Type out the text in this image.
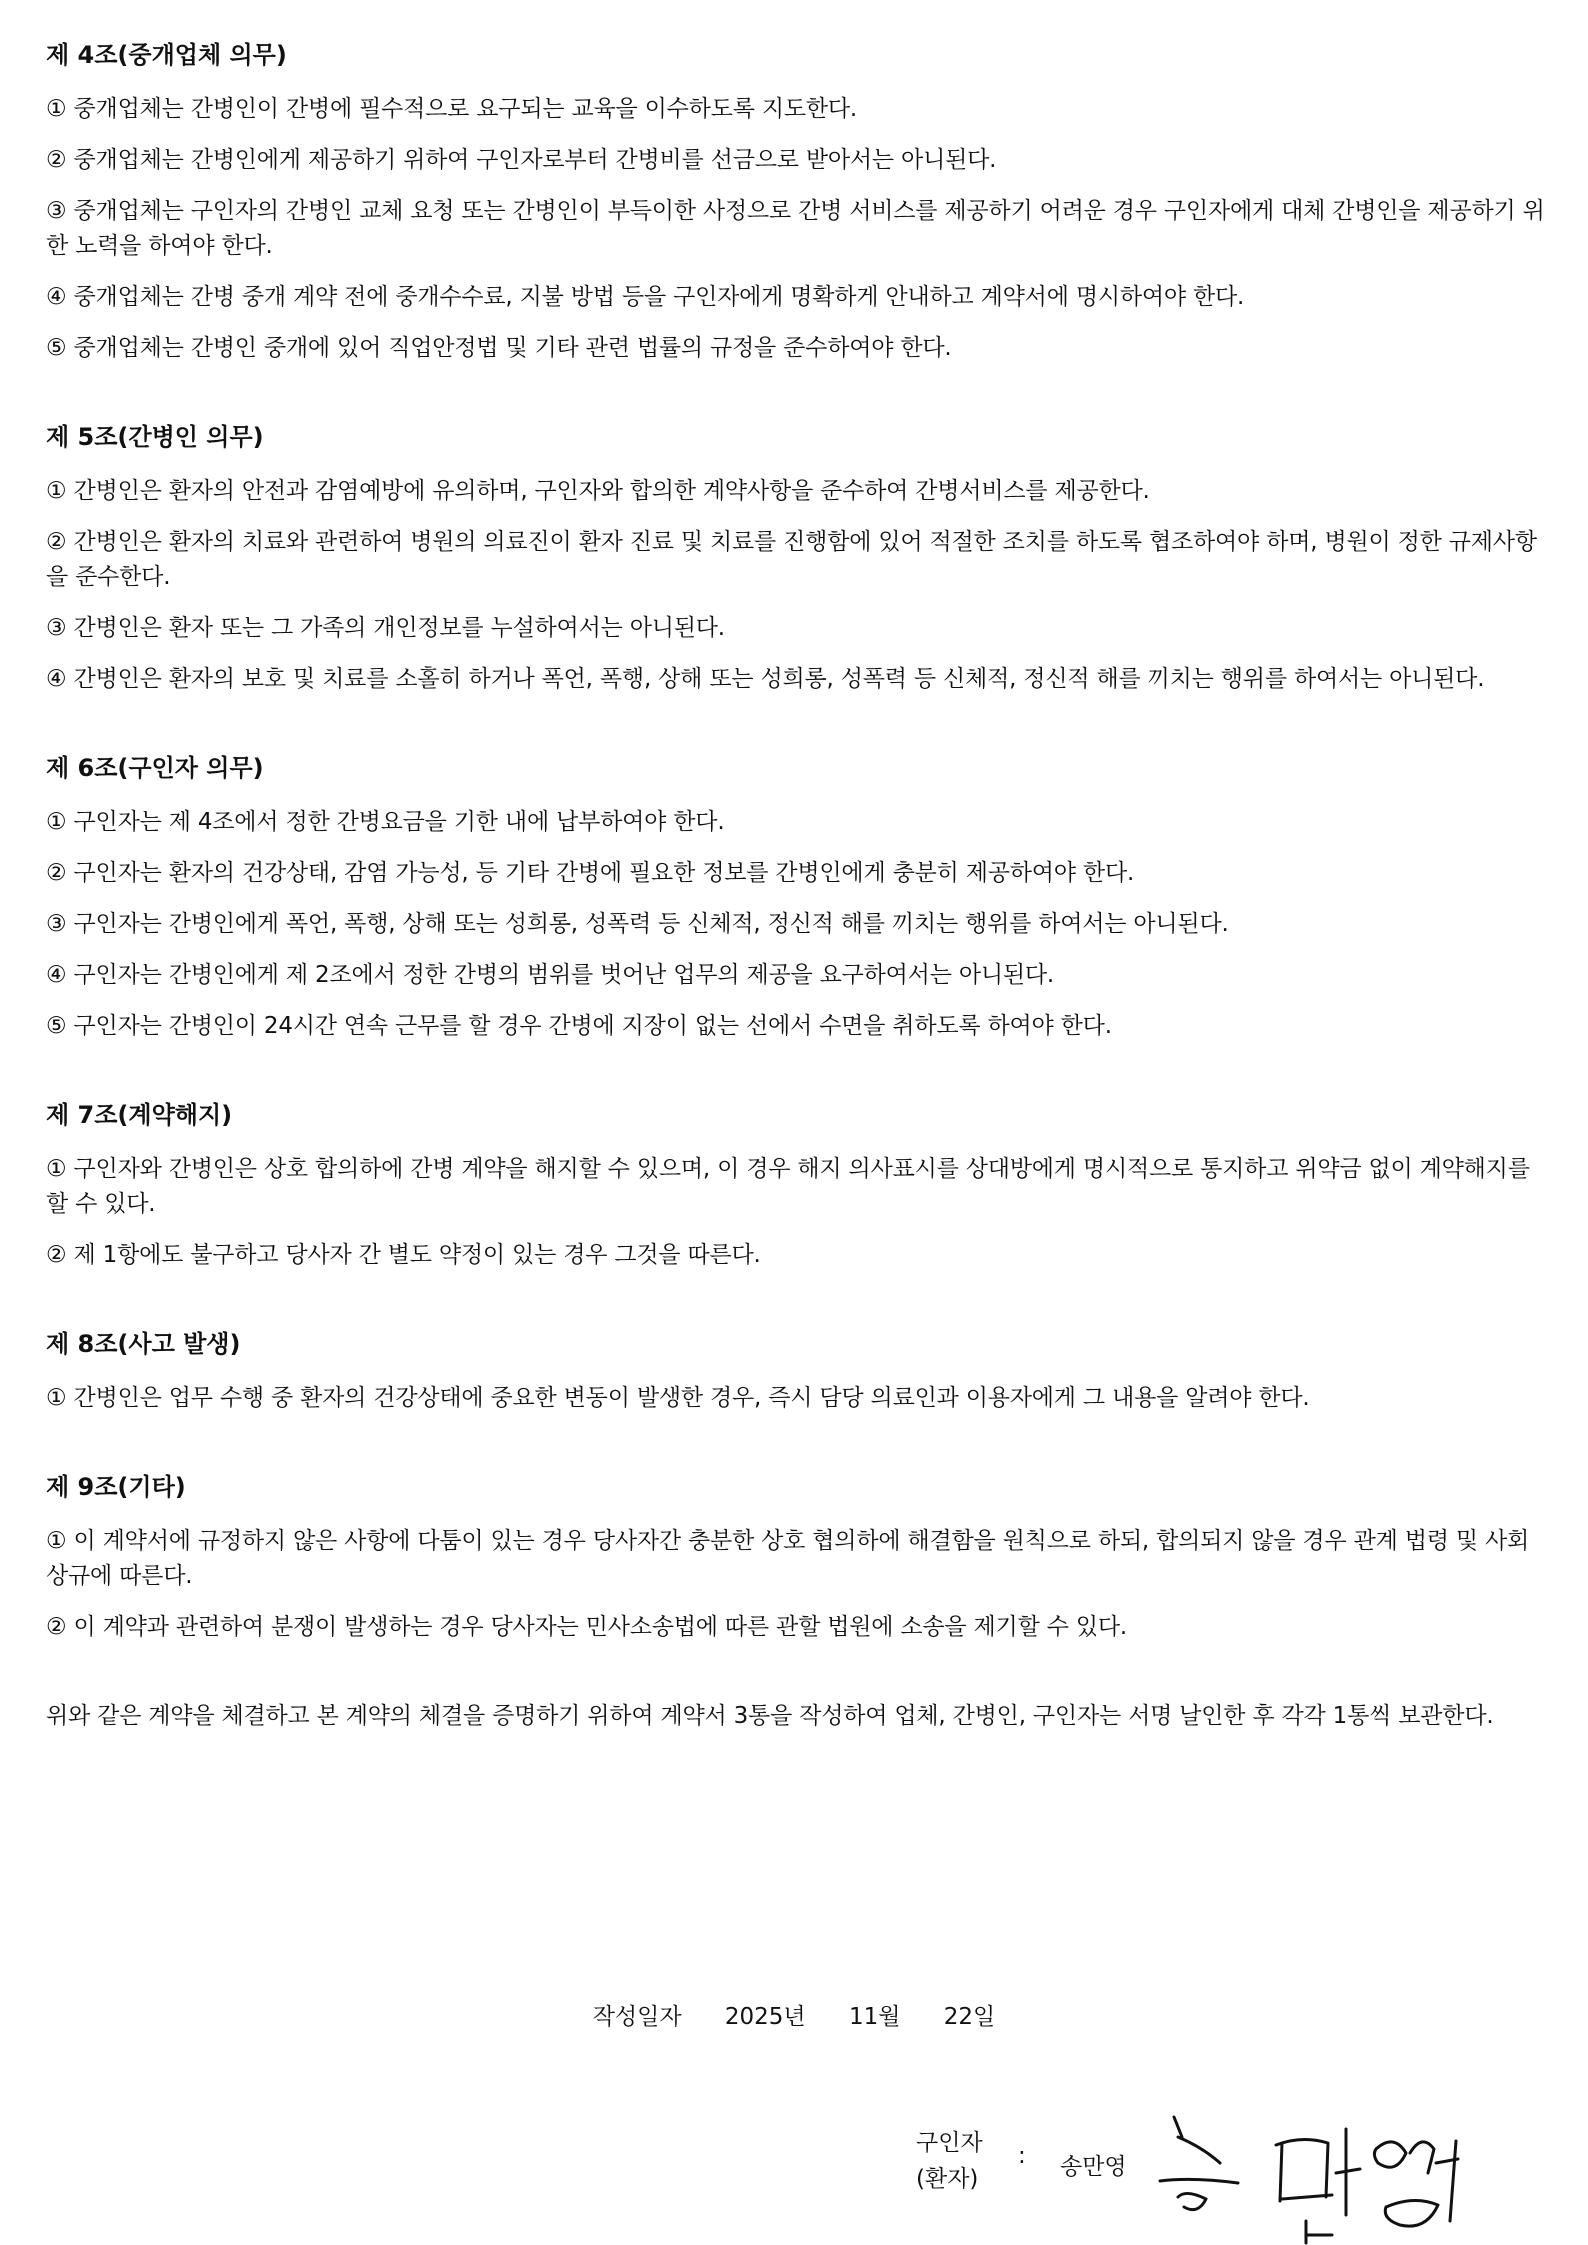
제 4조(중개업체 의무)

① 중개업체는 간병인이 간병에 필수적으로 요구되는 교육을 이수하도록 지도한다.

② 중개업체는 간병인에게 제공하기 위하여 구인자로부터 간병비를 선금으로 받아서는 아니된다.

③ 중개업체는 구인자의 간병인 교체 요청 또는 간병인이 부득이한 사정으로 간병 서비스를 제공하기 어려운 경우 구인자에게 대체 간병인을 제공하기 위한 노력을 하여야 한다.

④ 중개업체는 간병 중개 계약 전에 중개수수료, 지불 방법 등을 구인자에게 명확하게 안내하고 계약서에 명시하여야 한다.

⑤ 중개업체는 간병인 중개에 있어 직업안정법 및 기타 관련 법률의 규정을 준수하여야 한다.

제 5조(간병인 의무)

① 간병인은 환자의 안전과 감염예방에 유의하며, 구인자와 합의한 계약사항을 준수하여 간병서비스를 제공한다.

② 간병인은 환자의 치료와 관련하여 병원의 의료진이 환자 진료 및 치료를 진행함에 있어 적절한 조치를 하도록 협조하여야 하며, 병원이 정한 규제사항을 준수한다.

③ 간병인은 환자 또는 그 가족의 개인정보를 누설하여서는 아니된다.

④ 간병인은 환자의 보호 및 치료를 소홀히 하거나 폭언, 폭행, 상해 또는 성희롱, 성폭력 등 신체적, 정신적 해를 끼치는 행위를 하여서는 아니된다.

제 6조(구인자 의무)

① 구인자는 제 4조에서 정한 간병요금을 기한 내에 납부하여야 한다.

② 구인자는 환자의 건강상태, 감염 가능성, 등 기타 간병에 필요한 정보를 간병인에게 충분히 제공하여야 한다.

③ 구인자는 간병인에게 폭언, 폭행, 상해 또는 성희롱, 성폭력 등 신체적, 정신적 해를 끼치는 행위를 하여서는 아니된다.

④ 구인자는 간병인에게 제 2조에서 정한 간병의 범위를 벗어난 업무의 제공을 요구하여서는 아니된다.

⑤ 구인자는 간병인이 24시간 연속 근무를 할 경우 간병에 지장이 없는 선에서 수면을 취하도록 하여야 한다.

제 7조(계약해지)

① 구인자와 간병인은 상호 합의하에 간병 계약을 해지할 수 있으며, 이 경우 해지 의사표시를 상대방에게 명시적으로 통지하고 위약금 없이 계약해지를 할 수 있다.

② 제 1항에도 불구하고 당사자 간 별도 약정이 있는 경우 그것을 따른다.

제 8조(사고 발생)

① 간병인은 업무 수행 중 환자의 건강상태에 중요한 변동이 발생한 경우, 즉시 담당 의료인과 이용자에게 그 내용을 알려야 한다.

제 9조(기타)

① 이 계약서에 규정하지 않은 사항에 다툼이 있는 경우 당사자간 충분한 상호 협의하에 해결함을 원칙으로 하되, 합의되지 않을 경우 관계 법령 및 사회상규에 따른다.

② 이 계약과 관련하여 분쟁이 발생하는 경우 당사자는 민사소송법에 따른 관할 법원에 소송을 제기할 수 있다.

위와 같은 계약을 체결하고 본 계약의 체결을 증명하기 위하여 계약서 3통을 작성하여 업체, 간병인, 구인자는 서명 날인한 후 각각 1통씩 보관한다.

작성일자 2025년 11월 22일
구인자
(환자)
: 송만영
